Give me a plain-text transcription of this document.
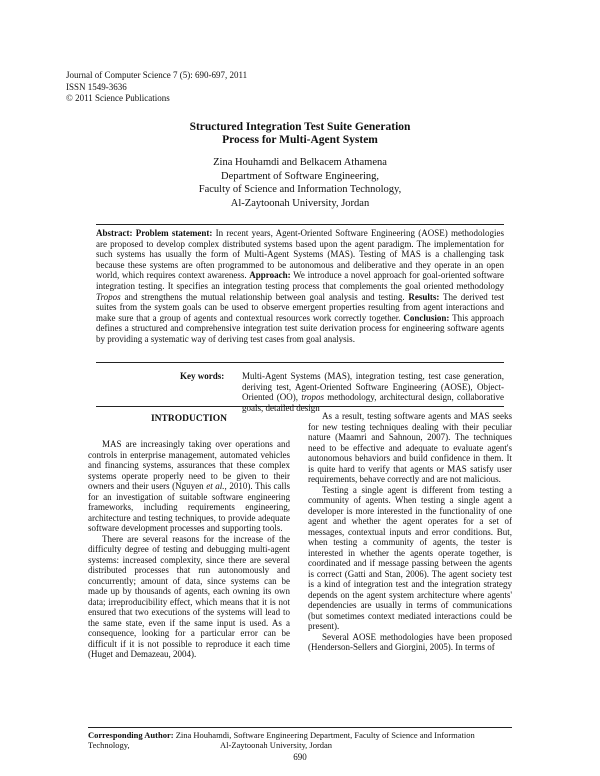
Journal of Computer Science 7 (5): 690-697, 2011
ISSN 1549-3636
© 2011 Science Publications
Structured Integration Test Suite Generation
Process for Multi-Agent System
Zina Houhamdi and Belkacem Athamena
Department of Software Engineering,
Faculty of Science and Information Technology,
Al-Zaytoonah University, Jordan
Abstract: Problem statement: In recent years, Agent-Oriented Software Engineering (AOSE) methodologies are proposed to develop complex distributed systems based upon the agent paradigm. The implementation for such systems has usually the form of Multi-Agent Systems (MAS). Testing of MAS is a challenging task because these systems are often programmed to be autonomous and deliberative and they operate in an open world, which requires context awareness. Approach: We introduce a novel approach for goal-oriented software integration testing. It specifies an integration testing process that complements the goal oriented methodology Tropos and strengthens the mutual relationship between goal analysis and testing. Results: The derived test suites from the system goals can be used to observe emergent properties resulting from agent interactions and make sure that a group of agents and contextual resources work correctly together. Conclusion: This approach defines a structured and comprehensive integration test suite derivation process for engineering software agents by providing a systematic way of deriving test cases from goal analysis.
Key words: Multi-Agent Systems (MAS), integration testing, test case generation, deriving test, Agent-Oriented Software Engineering (AOSE), Object-Oriented (OO), tropos methodology, architectural design, collaborative goals, detailed design
INTRODUCTION

MAS are increasingly taking over operations and controls in enterprise management, automated vehicles and financing systems, assurances that these complex systems operate properly need to be given to their owners and their users (Nguyen et al., 2010). This calls for an investigation of suitable software engineering frameworks, including requirements engineering, architecture and testing techniques, to provide adequate software development processes and supporting tools.

There are several reasons for the increase of the difficulty degree of testing and debugging multi-agent systems: increased complexity, since there are several distributed processes that run autonomously and concurrently; amount of data, since systems can be made up by thousands of agents, each owning its own data; irreproducibility effect, which means that it is not ensured that two executions of the systems will lead to the same state, even if the same input is used. As a consequence, looking for a particular error can be difficult if it is not possible to reproduce it each time (Huget and Demazeau, 2004).

As a result, testing software agents and MAS seeks for new testing techniques dealing with their peculiar nature (Maamri and Sahnoun, 2007). The techniques need to be effective and adequate to evaluate agent's autonomous behaviors and build confidence in them. It is quite hard to verify that agents or MAS satisfy user requirements, behave correctly and are not malicious.

Testing a single agent is different from testing a community of agents. When testing a single agent a developer is more interested in the functionality of one agent and whether the agent operates for a set of messages, contextual inputs and error conditions. But, when testing a community of agents, the tester is interested in whether the agents operate together, is coordinated and if message passing between the agents is correct (Gatti and Stan, 2006). The agent society test is a kind of integration test and the integration strategy depends on the agent system architecture where agents' dependencies are usually in terms of communications (but sometimes context mediated interactions could be present).

Several AOSE methodologies have been proposed (Henderson-Sellers and Giorgini, 2005). In terms of

Corresponding Author: Zina Houhamdi, Software Engineering Department, Faculty of Science and Information Technology,	Al-Zaytoonah University, Jordan
690
